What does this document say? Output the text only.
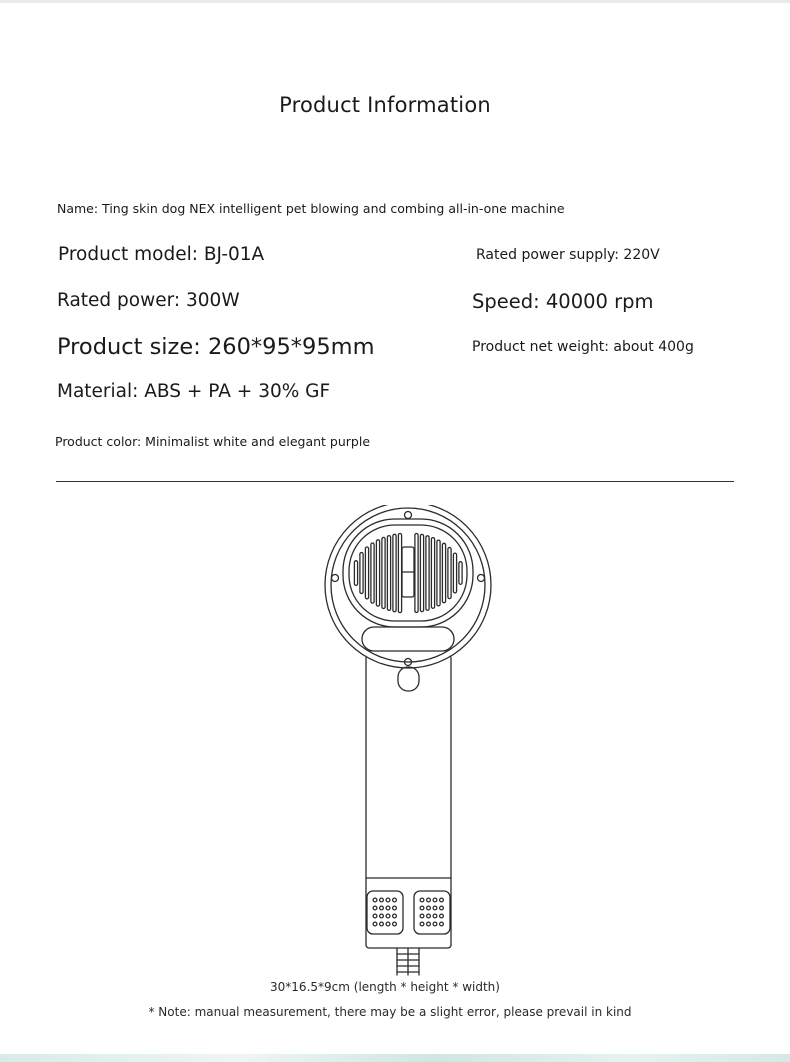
Product Information
Name: Ting skin dog NEX intelligent pet blowing and combing all-in-one machine
Product model: BJ-01A	Rated power supply: 220V
Rated power: 300W	Speed: 40000 rpm
Product size: 260*95*95mm	Product net weight: about 400g
Material: ABS + PA + 30% GF
Product color: Minimalist white and elegant purple
30*16.5*9cm (length * height * width)
* Note: manual measurement, there may be a slight error, please prevail in kind
